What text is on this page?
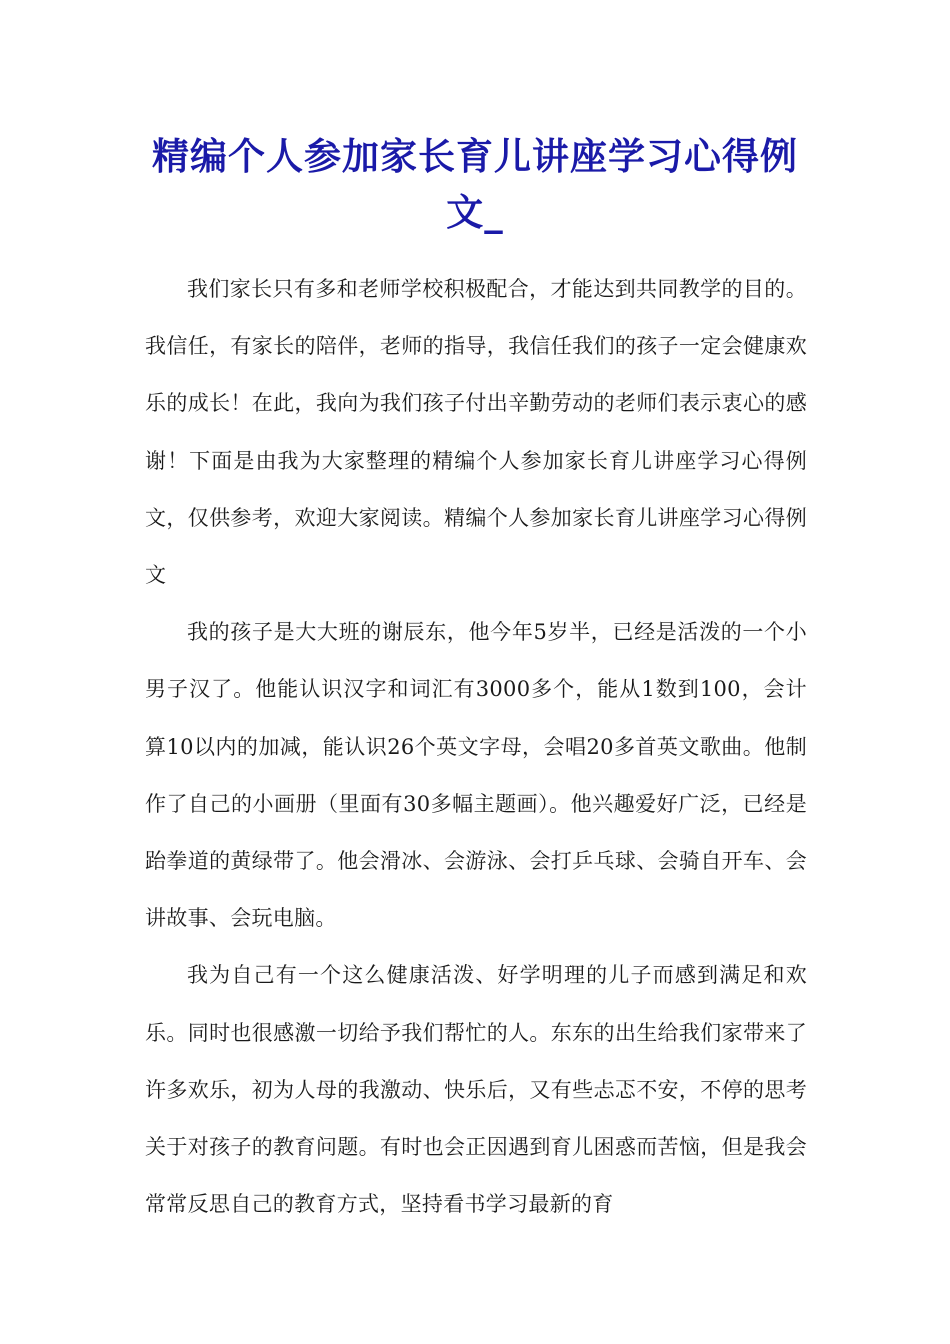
精编个人参加家长育儿讲座学习心得例文_

我们家长只有多和老师学校积极配合，才能达到共同教学的目的。我信任，有家长的陪伴，老师的指导，我信任我们的孩子一定会健康欢乐的成长！在此，我向为我们孩子付出辛勤劳动的老师们表示衷心的感谢！下面是由我为大家整理的精编个人参加家长育儿讲座学习心得例文，仅供参考，欢迎大家阅读。精编个人参加家长育儿讲座学习心得例文

我的孩子是大大班的谢辰东，他今年5岁半，已经是活泼的一个小男子汉了。他能认识汉字和词汇有3000多个，能从1数到100，会计算10以内的加减，能认识26个英文字母，会唱20多首英文歌曲。他制作了自己的小画册（里面有30多幅主题画）。他兴趣爱好广泛，已经是跆拳道的黄绿带了。他会滑冰、会游泳、会打乒乓球、会骑自开车、会讲故事、会玩电脑。

我为自己有一个这么健康活泼、好学明理的儿子而感到满足和欢乐。同时也很感激一切给予我们帮忙的人。东东的出生给我们家带来了许多欢乐，初为人母的我激动、快乐后，又有些忐忑不安，不停的思考关于对孩子的教育问题。有时也会正因遇到育儿困惑而苦恼，但是我会常常反思自己的教育方式，坚持看书学习最新的育
